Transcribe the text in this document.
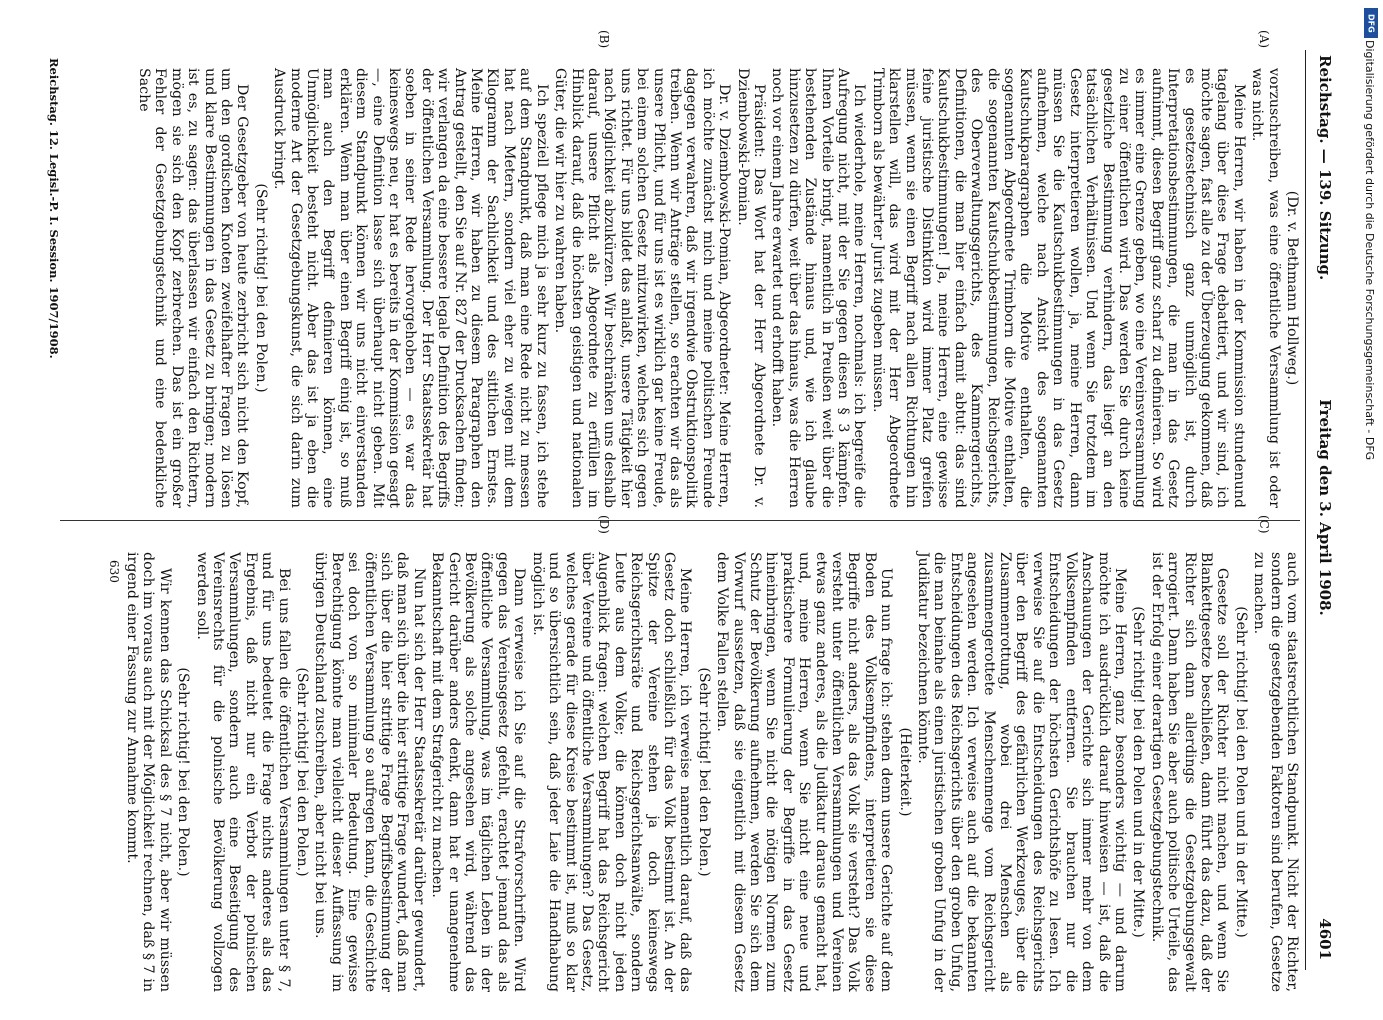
Reichstag. — 139. Sitzung.
Freitag den 3. April 1908.
4601
(A)
(B)
(C)
(D)

(Dr. v. Bethmann Hollweg.)

vorzuschreiben, was eine öffentliche Versammlung ist oder was nicht.

Meine Herren, wir haben in der Kommission stundenund tagelang über diese Frage debattiert, und wir sind, ich möchte sagen, fast alle zu der Überzeugung gekommen, daß es gesetzestechnisch ganz unmöglich ist, durch Interpretationsbestimmungen, die man in das Gesetz aufnimmt, diesen Begriff ganz scharf zu definieren. So wird es immer eine Grenze geben, wo eine Vereinsversammlung zu einer öffentlichen wird. Das werden Sie durch keine gesetzliche Bestimmung verhindern, das liegt an den tatsächlichen Verhältnissen. Und wenn Sie trotzdem im Gesetz interpretieren wollen, ja, meine Herren, dann müssen Sie die Kautschukbestimmungen in das Gesetz aufnehmen, welche nach Ansicht des sogenannten Kautschukparagraphen die Motive enthalten, die sogenannten Abgeordnete Trimborn die Motive enthalten, die sogenannten Kautschukbestimmungen, Reichsgerichts, des Oberverwaltungsgerichts, des Kammergerichts, Definitionen, die man hier einfach damit abtut: das sind Kautschukbestimmungen! Ja, meine Herren, eine gewisse feine juristische Distinktion wird immer Platz greifen müssen, wenn sie einen Begriff nach allen Richtungen hin klarstellen will, das wird mit der Herr Abgeordnete Trimborn als bewährter Jurist zugeben müssen.

Ich wiederhole, meine Herren, nochmals: ich begreife die Aufregung nicht, mit der Sie gegen diesen § 3 kämpfen. Ihnen Vorteile bringt, namentlich in Preußen weit über die bestehenden Zustände hinaus und, wie ich glaube hinzusetzen zu dürfen, weit über das hinaus, was die Herren noch vor einem Jahre erwartet und erhofft haben.

Präsident: Das Wort hat der Herr Abgeordnete Dr. v. Dziembowski-Pomian.

Dr. v. Dziembowski-Pomian, Abgeordneter: Meine Herren, ich möchte zunächst mich und meine politischen Freunde dagegen verwahren, daß wir irgendwie Obstruktionspolitik treiben. Wenn wir Anträge stellen, so erachten wir das als unsere Pflicht, und für uns ist es wirklich gar keine Freude, bei einem solchen Gesetz mitzuwirken, welches sich gegen uns richtet. Für uns bildet das anlaßt, unsere Tätigkeit hier nach Möglichkeit abzukürzen. Wir beschränken uns deshalb darauf, unsere Pflicht als Abgeordnete zu erfüllen im Hinblick darauf, daß die höchsten geistigen und nationalen Güter, die wir hier zu wahren haben.

Ich speziell pflege mich ja sehr kurz zu fassen, ich stehe auf dem Standpunkt, daß man eine Rede nicht zu messen hat nach Metern, sondern viel eher zu wiegen mit dem Kilogramm der Sachlichkeit und des sittlichen Ernstes. Meine Herren, wir haben zu diesem Paragraphen den Antrag gestellt, den Sie auf Nr. 827 der Drucksachen finden; wir verlangen da eine bessere legale Definition des Begriffs der öffentlichen Versammlung. Der Herr Staatssekretär hat soeben in seiner Rede hervorgehoben — es war das keineswegs neu, er hat es bereits in der Kommission gesagt —, eine Definition lasse sich überhaupt nicht geben. Mit diesem Standpunkt können wir uns nicht einverstanden erklären. Wenn man über einen Begriff einig ist, so muß man auch den Begriff definieren können, eine Unmöglichkeit besteht nicht. Aber das ist ja eben die moderne Art der Gesetzgebungskunst, die sich darin zum Ausdruck bringt.

(Sehr richtig! bei den Polen.)

Der Gesetzgeber von heute zerbricht sich nicht den Kopf, um den gordischen Knoten zweifelhafter Fragen zu lösen und klare Bestimmungen in das Gesetz zu bringen; modern ist es, zu sagen: das überlassen wir einfach den Richtern, mögen sie sich den Kopf zerbrechen. Das ist ein großer Fehler der Gesetzgebungstechnik und eine bedenkliche Sache

auch vom staatsrechtlichen Standpunkt. Nicht der Richter, sondern die gesetzgebenden Faktoren sind berufen, Gesetze zu machen.

(Sehr richtig! bei den Polen und in der Mitte.)

Gesetze soll der Richter nicht machen, und wenn Sie Blankettgesetze beschließen, dann führt das dazu, daß der Richter sich dann allerdings die Gesetzgebungsgewalt arrogiert. Dann haben Sie aber auch politische Urteile, das ist der Erfolg einer derartigen Gesetzgebungstechnik.

(Sehr richtig! bei den Polen und in der Mitte.)

Meine Herren, ganz besonders wichtig — und darum möchte ich ausdrücklich darauf hinweisen — ist, daß die Anschauungen der Gerichte sich immer mehr von dem Volksempfinden entfernen. Sie brauchen nur die Entscheidungen der höchsten Gerichtshöfe zu lesen. Ich verweise Sie auf die Entscheidungen des Reichsgerichts über den Begriff des gefährlichen Werkzeuges, über die Zusammenrottung, wobei drei Menschen als zusammengerottete Menschenmenge vom Reichsgericht angesehen werden. Ich verweise auch auf die bekannten Entscheidungen des Reichsgerichts über den groben Unfug, die man beinahe als einen juristischen groben Unfug in der Judikatur bezeichnen könnte.

(Heiterkeit.)

Und nun frage ich: stehen denn unsere Gerichte auf dem Boden des Volksempfindens, interpretieren sie diese Begriffe nicht anders, als das Volk sie versteht? Das Volk versteht unter öffentlichen Versammlungen und Vereinen etwas ganz anderes, als die Judikatur daraus gemacht hat, und, meine Herren, wenn Sie nicht eine neue und praktischere Formulierung der Begriffe in das Gesetz hineinbringen, wenn Sie nicht die nötigen Normen zum Schutz der Bevölkerung aufnehmen, werden Sie sich dem Vorwurf aussetzen, daß sie eigentlich mit diesem Gesetz dem Volke Fallen stellen.

(Sehr richtig! bei den Polen.)

Meine Herren, ich verweise namentlich darauf, daß das Gesetz doch schließlich für das Volk bestimmt ist. An der Spitze der Vereine stehen ja doch keineswegs Reichsgerichtsräte und Reichsgerichtsanwälte, sondern Leute aus dem Volke; die können doch nicht jeden Augenblick fragen: welchen Begriff hat das Reichsgericht über Vereine und öffentliche Versammlungen? Das Gesetz, welches gerade für diese Kreise bestimmt ist, muß so klar und so übersichtlich sein, daß jeder Laie die Handhabung möglich ist.

Dann verweise ich Sie auf die Strafvorschriften. Wird gegen das Vereinsgesetz gefehlt, erachtet jemand das als öffentliche Versammlung, was im täglichen Leben in der Bevölkerung als solche angesehen wird, während das Gericht darüber anders denkt, dann hat er unangenehme Bekanntschaft mit dem Strafgericht zu machen.

Nun hat sich der Herr Staatssekretär darüber gewundert, daß man sich über die hier strittige Frage wundert, daß man sich über die hier strittige Frage Begriffsbestimmung der öffentlichen Versammlung so aufregen kann, die Geschichte sei doch von so minimaler Bedeutung. Eine gewisse Berechtigung könnte man vielleicht dieser Auffassung im übrigen Deutschland zuschreiben, aber nicht bei uns.

(Sehr richtig! bei den Polen.)

Bei uns fallen die öffentlichen Versammlungen unter § 7, und für uns bedeutet die Frage nichts anderes als das Ergebnis, daß nicht nur ein Verbot der polnischen Versammlungen, sondern auch eine Beseitigung des Vereinsrechts für die polnische Bevölkerung vollzogen werden soll.

(Sehr richtig! bei den Polen.)

Wir kennen das Schicksal des § 7 nicht, aber wir müssen doch im voraus auch mit der Möglichkeit rechnen, daß § 7 in irgend einer Fassung zur Annahme kommt.

Reichstag. 12. Legisl.-P. I. Session. 1907/1908.
630
DFG
Digitalisierung gefördert durch die Deutsche Forschungsgemeinschaft - DFG
